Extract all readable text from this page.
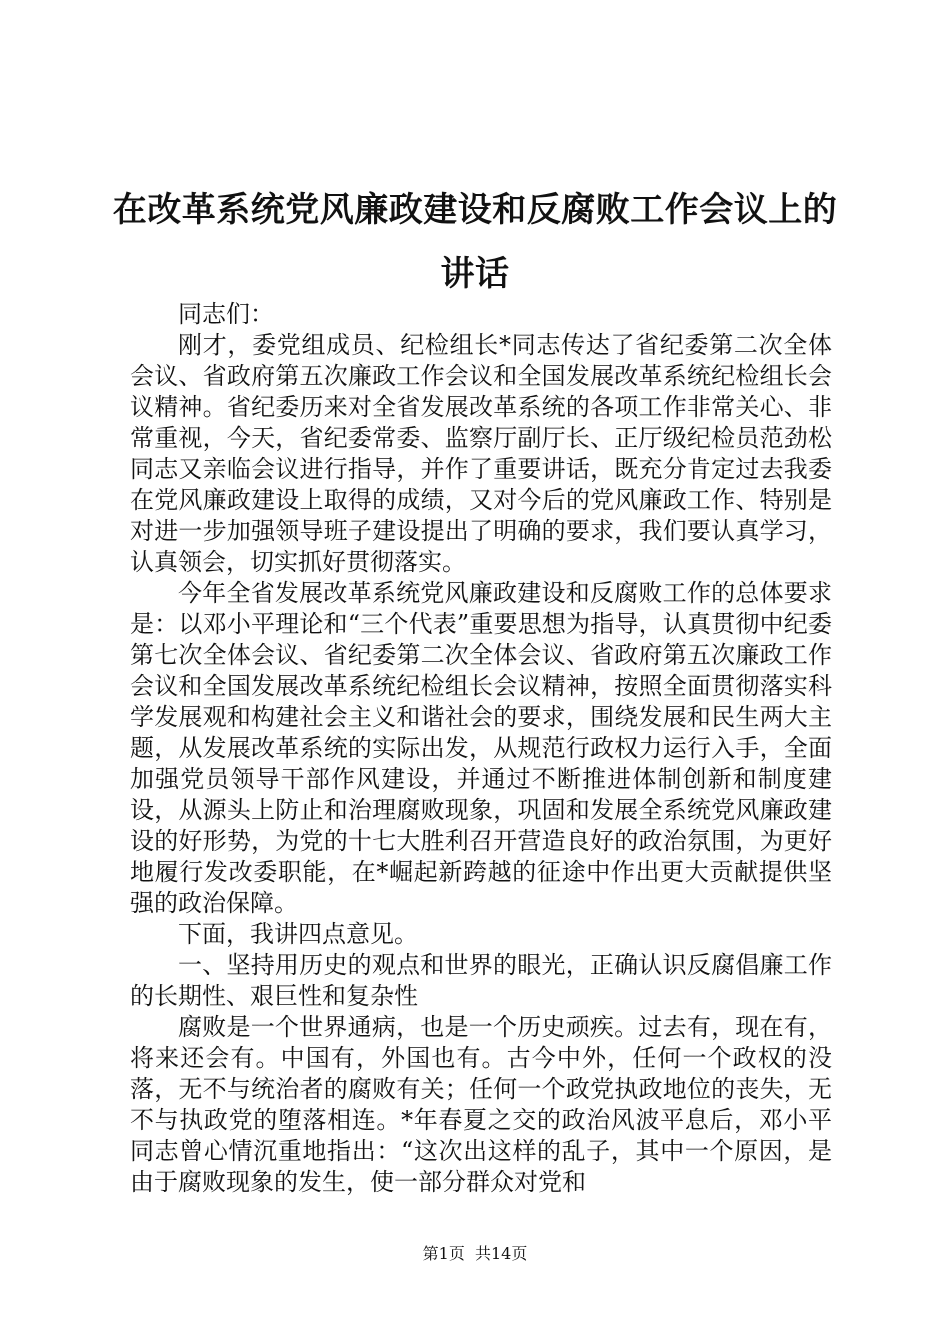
在改革系统党风廉政建设和反腐败工作会议上的讲话

同志们：

刚才，委党组成员、纪检组长*同志传达了省纪委第二次全体会议、省政府第五次廉政工作会议和全国发展改革系统纪检组长会议精神。省纪委历来对全省发展改革系统的各项工作非常关心、非常重视，今天，省纪委常委、监察厅副厅长、正厅级纪检员范劲松同志又亲临会议进行指导，并作了重要讲话，既充分肯定过去我委在党风廉政建设上取得的成绩，又对今后的党风廉政工作、特别是对进一步加强领导班子建设提出了明确的要求，我们要认真学习，认真领会，切实抓好贯彻落实。

今年全省发展改革系统党风廉政建设和反腐败工作的总体要求是：以邓小平理论和“三个代表”重要思想为指导，认真贯彻中纪委第七次全体会议、省纪委第二次全体会议、省政府第五次廉政工作会议和全国发展改革系统纪检组长会议精神，按照全面贯彻落实科学发展观和构建社会主义和谐社会的要求，围绕发展和民生两大主题，从发展改革系统的实际出发，从规范行政权力运行入手，全面加强党员领导干部作风建设，并通过不断推进体制创新和制度建设，从源头上防止和治理腐败现象，巩固和发展全系统党风廉政建设的好形势，为党的十七大胜利召开营造良好的政治氛围，为更好地履行发改委职能，在*崛起新跨越的征途中作出更大贡献提供坚强的政治保障。

下面，我讲四点意见。

一、坚持用历史的观点和世界的眼光，正确认识反腐倡廉工作的长期性、艰巨性和复杂性

腐败是一个世界通病，也是一个历史顽疾。过去有，现在有，将来还会有。中国有，外国也有。古今中外，任何一个政权的没落，无不与统治者的腐败有关；任何一个政党执政地位的丧失，无不与执政党的堕落相连。*年春夏之交的政治风波平息后，邓小平同志曾心情沉重地指出：“这次出这样的乱子，其中一个原因，是由于腐败现象的发生，使一部分群众对党和

第1页  共14页
